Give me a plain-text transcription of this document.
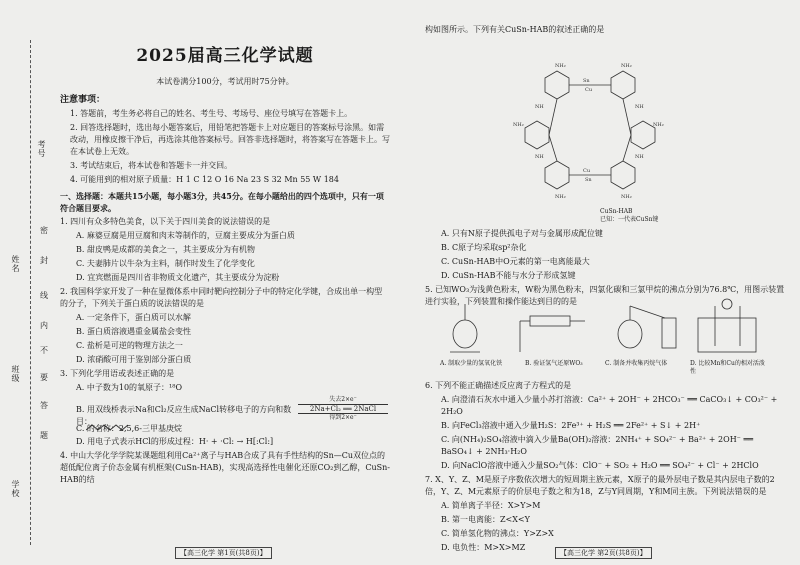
考号
姓名
班级
学校
密
封
线
内
不
要
答
题
2025届高三化学试题
本试卷满分100分，考试用时75分钟。
注意事项：
1. 答题前，考生务必将自己的姓名、考生号、考场号、座位号填写在答题卡上。
2. 回答选择题时，选出每小题答案后，用铅笔把答题卡上对应题目的答案标号涂黑。如需改动，用橡皮擦干净后，再选涂其他答案标号。回答非选择题时，将答案写在答题卡上。写在本试卷上无效。
3. 考试结束后，将本试卷和答题卡一并交回。
4. 可能用到的相对原子质量：H 1 C 12 O 16 Na 23 S 32 Mn 55 W 184
一、选择题：本题共15小题，每小题3分，共45分。在每小题给出的四个选项中，只有一项符合题目要求。
1. 四川有众多特色美食，以下关于四川美食的说法错误的是
A. 麻婆豆腐是用豆腐和肉末等制作的，豆腐主要成分为蛋白质
B. 甜皮鸭是成都的美食之一，其主要成分为有机物
C. 夫妻肺片以牛杂为主料，制作时发生了化学变化
D. 宜宾燃面是四川省非物质文化遗产，其主要成分为淀粉
2. 我国科学家开发了一种在显微体系中同时靶向控制分子中的特定化学键，合成出单一构型的分子，下列关于蛋白质的说法错误的是
A. 一定条件下，蛋白质可以水解
B. 蛋白质溶液遇重金属盐会变性
C. 盐析是可逆的物理方法之一
D. 浓硝酸可用于鉴别部分蛋白质
3. 下列化学用语或表述正确的是
A. 中子数为10的氧原子：¹⁸O
B. 用双线桥表示Na和Cl₂反应生成NaCl转移电子的方向和数目：
失去2×e⁻
2Na+Cl₂ ══ 2NaCl
得到2×e⁻
C. 的名称：2,5,6-三甲基庚烷
D. 用电子式表示HCl的形成过程：H· + ·Cl: → H[:Cl:]
4. 中山大学化学学院某课题组利用Ca²⁺离子与HAB合成了具有手性结构的Sn—Cu双位点的超低配位离子价态金属有机框架(CuSn-HAB)，实现高选择性电催化还原CO₂到乙醇，CuSn-HAB的结
【高三化学 第1页(共8页)】
构如图所示。下列有关CuSn-HAB的叙述正确的是
Sn
Cu
Cu
Sn
NH₂	NH₂
NH₂	NH₂
NH₂	NH₂
NH	NH
NH	NH
CuSn-HAB
已知：一代表CuSn键
A. 只有N原子提供孤电子对与金属形成配位键
B. C原子均采取sp²杂化
C. CuSn-HAB中O元素的第一电离能最大
D. CuSn-HAB不能与水分子形成氢键
5. 已知WO₃为浅黄色粉末，W粉为黑色粉末，四氯化碳和三氯甲烷的沸点分别为76.8℃，用图示装置进行实验，下列装置和操作能达到目的的是
A. 制取少量的氢氧化铁	B. 验证氢气还原WO₃	C. 制备并收集丙烷气体	D. 比较Mn和Cu的相对活泼性
6. 下列不能正确描述反应离子方程式的是
A. 向澄清石灰水中通入少量小苏打溶液：Ca²⁺ + 2OH⁻ + 2HCO₃⁻ ══ CaCO₃↓ + CO₃²⁻ + 2H₂O
B. 向FeCl₃溶液中通入少量H₂S：2Fe³⁺ + H₂S ══ 2Fe²⁺ + S↓ + 2H⁺
C. 向(NH₄)₂SO₄溶液中滴入少量Ba(OH)₂溶液：2NH₄⁺ + SO₄²⁻ + Ba²⁺ + 2OH⁻ ══ BaSO₄↓ + 2NH₃·H₂O
D. 向NaClO溶液中通入少量SO₂气体：ClO⁻ + SO₂ + H₂O ══ SO₄²⁻ + Cl⁻ + 2HClO
7. X、Y、Z、M是原子序数依次增大的短周期主族元素，X原子的最外层电子数是其内层电子数的2倍，Y、Z、M元素原子的价层电子数之和为18，Z与Y同周期，Y和M同主族。下列说法错误的是
A. 简单离子半径：X>Y>M
B. 第一电离能：Z<X<Y
C. 简单氢化物的沸点：Y>Z>X
D. 电负性：M>X>MZ
【高三化学 第2页(共8页)】
